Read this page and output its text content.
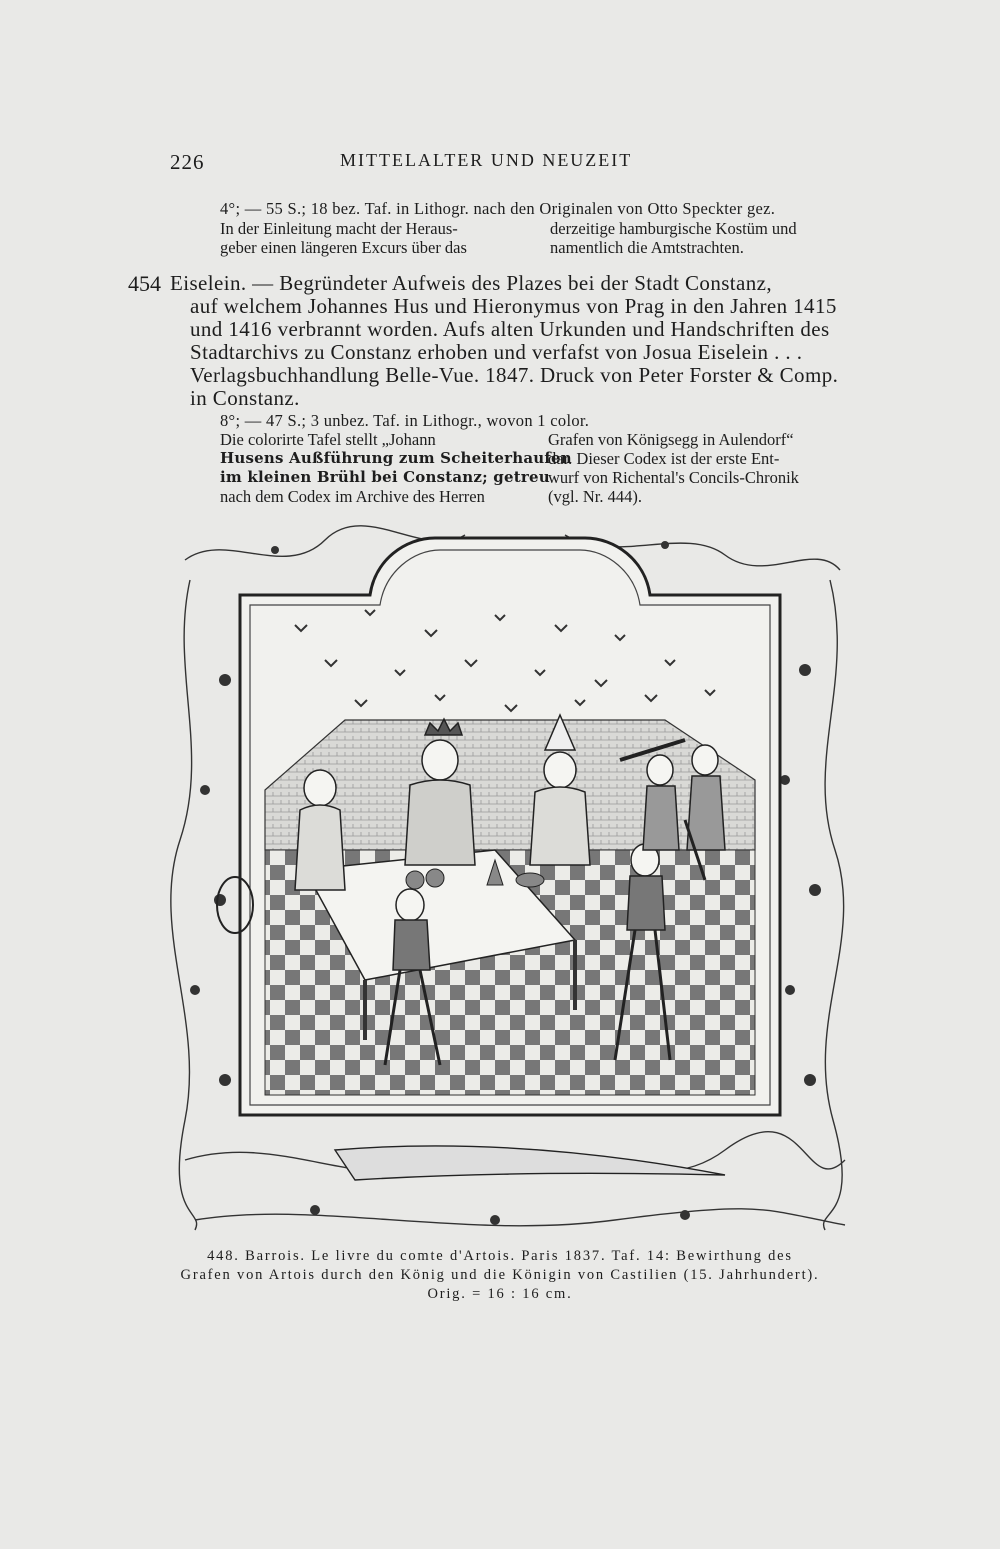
226	MITTELALTER UND NEUZEIT
4°; — 55 S.; 18 bez. Taf. in Lithogr. nach den Originalen von Otto Speckter gez.
In der Einleitung macht der Heraus-
geber einen längeren Excurs über das
derzeitige hamburgische Kostüm und
namentlich die Amtstrachten.
454 Eiselein. — Begründeter Aufweis des Plazes bei der Stadt Constanz,
auf welchem Johannes Hus und Hieronymus von Prag in den Jahren 1415
und 1416 verbrannt worden. Aufs alten Urkunden und Handschriften des
Stadtarchivs zu Constanz erhoben und verfafst von Josua Eiselein . . .
Verlagsbuchhandlung Belle-Vue. 1847. Druck von Peter Forster & Comp.
in Constanz.
8°; — 47 S.; 3 unbez. Taf. in Lithogr., wovon 1 color.
Die colorirte Tafel stellt „Johann
Husens Außführung zum Scheiterhaufen
im kleinen Brühl bei Constanz; getreu
nach dem Codex im Archive des Herren
Grafen von Königsegg in Aulendorf“
dar. Dieser Codex ist der erste Ent-
wurf von Richental's Concils-Chronik
(vgl. Nr. 444).
448. Barrois. Le livre du comte d'Artois. Paris 1837. Taf. 14: Bewirthung des
Grafen von Artois durch den König und die Königin von Castilien (15. Jahrhundert).
Orig. = 16 : 16 cm.
